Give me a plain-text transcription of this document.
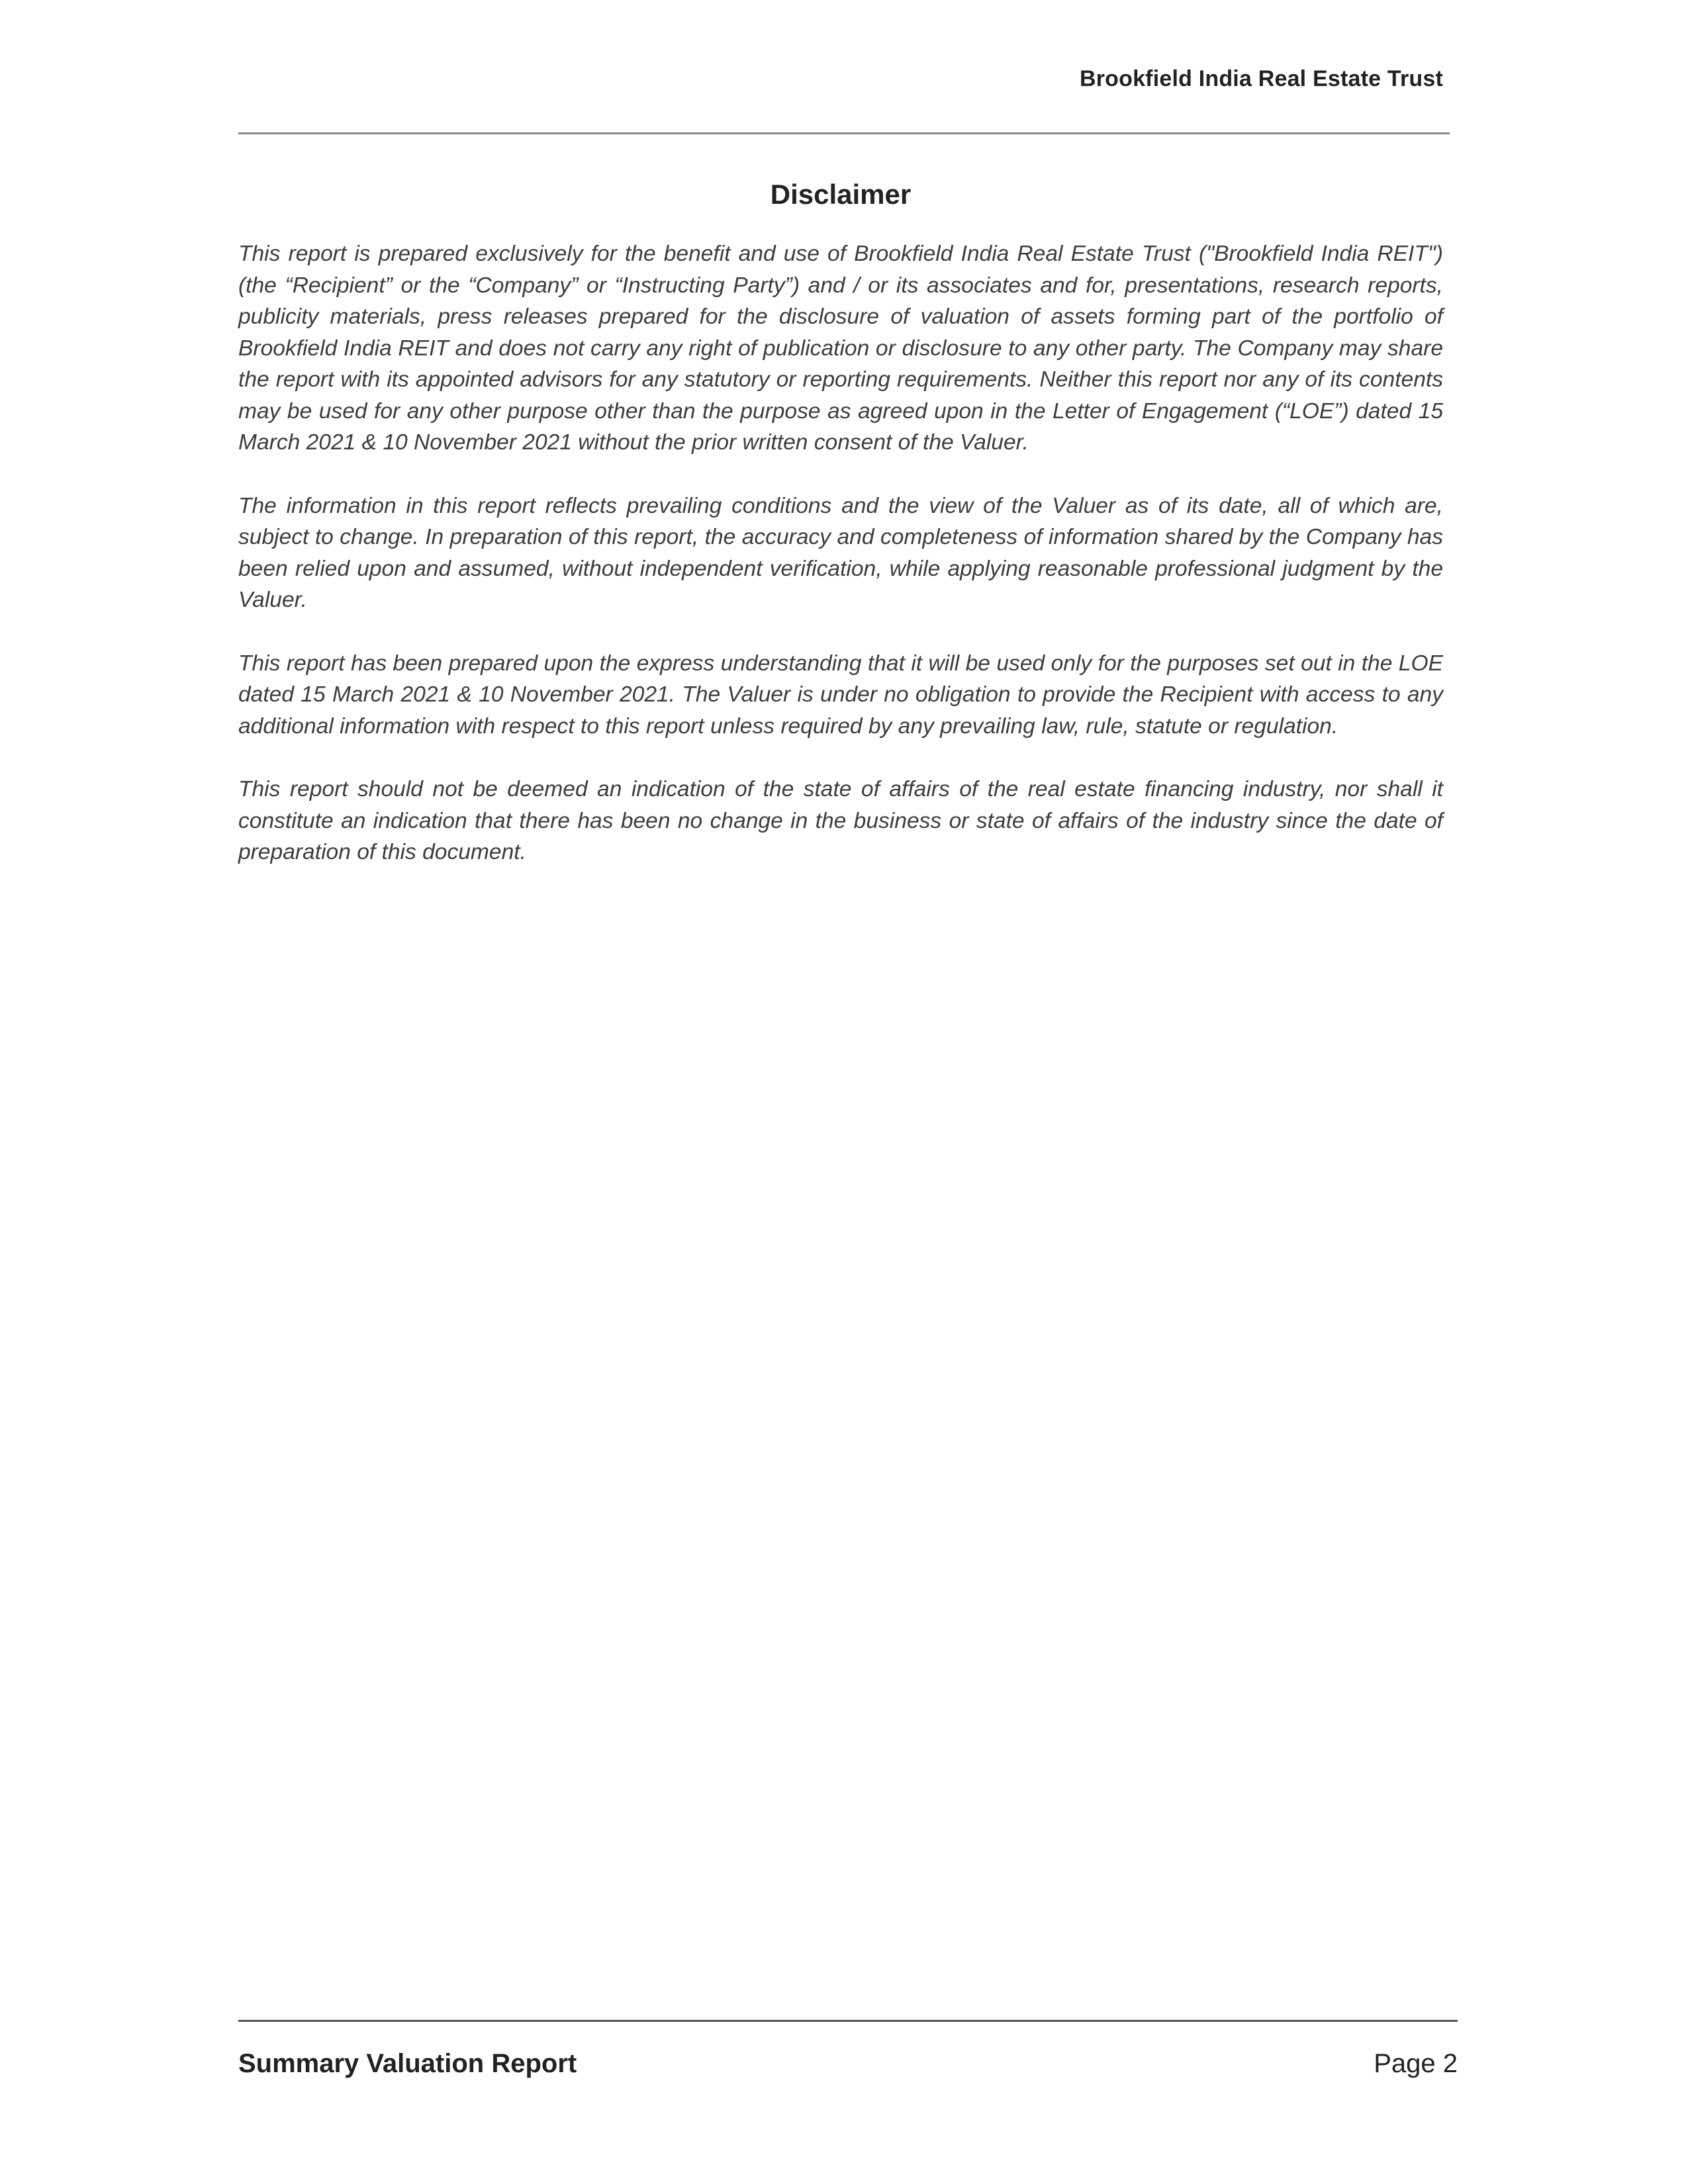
Brookfield India Real Estate Trust
Disclaimer

This report is prepared exclusively for the benefit and use of Brookfield India Real Estate Trust ("Brookfield India REIT") (the “Recipient” or the “Company” or “Instructing Party”) and / or its associates and for, presentations, research reports, publicity materials, press releases prepared for the disclosure of valuation of assets forming part of the portfolio of Brookfield India REIT and does not carry any right of publication or disclosure to any other party. The Company may share the report with its appointed advisors for any statutory or reporting requirements. Neither this report nor any of its contents may be used for any other purpose other than the purpose as agreed upon in the Letter of Engagement (“LOE”) dated 15 March 2021 & 10 November 2021 without the prior written consent of the Valuer.

The information in this report reflects prevailing conditions and the view of the Valuer as of its date, all of which are, subject to change. In preparation of this report, the accuracy and completeness of information shared by the Company has been relied upon and assumed, without independent verification, while applying reasonable professional judgment by the Valuer.

This report has been prepared upon the express understanding that it will be used only for the purposes set out in the LOE dated 15 March 2021 & 10 November 2021. The Valuer is under no obligation to provide the Recipient with access to any additional information with respect to this report unless required by any prevailing law, rule, statute or regulation.

This report should not be deemed an indication of the state of affairs of the real estate financing industry, nor shall it constitute an indication that there has been no change in the business or state of affairs of the industry since the date of preparation of this document.

Summary Valuation Report	Page 2
